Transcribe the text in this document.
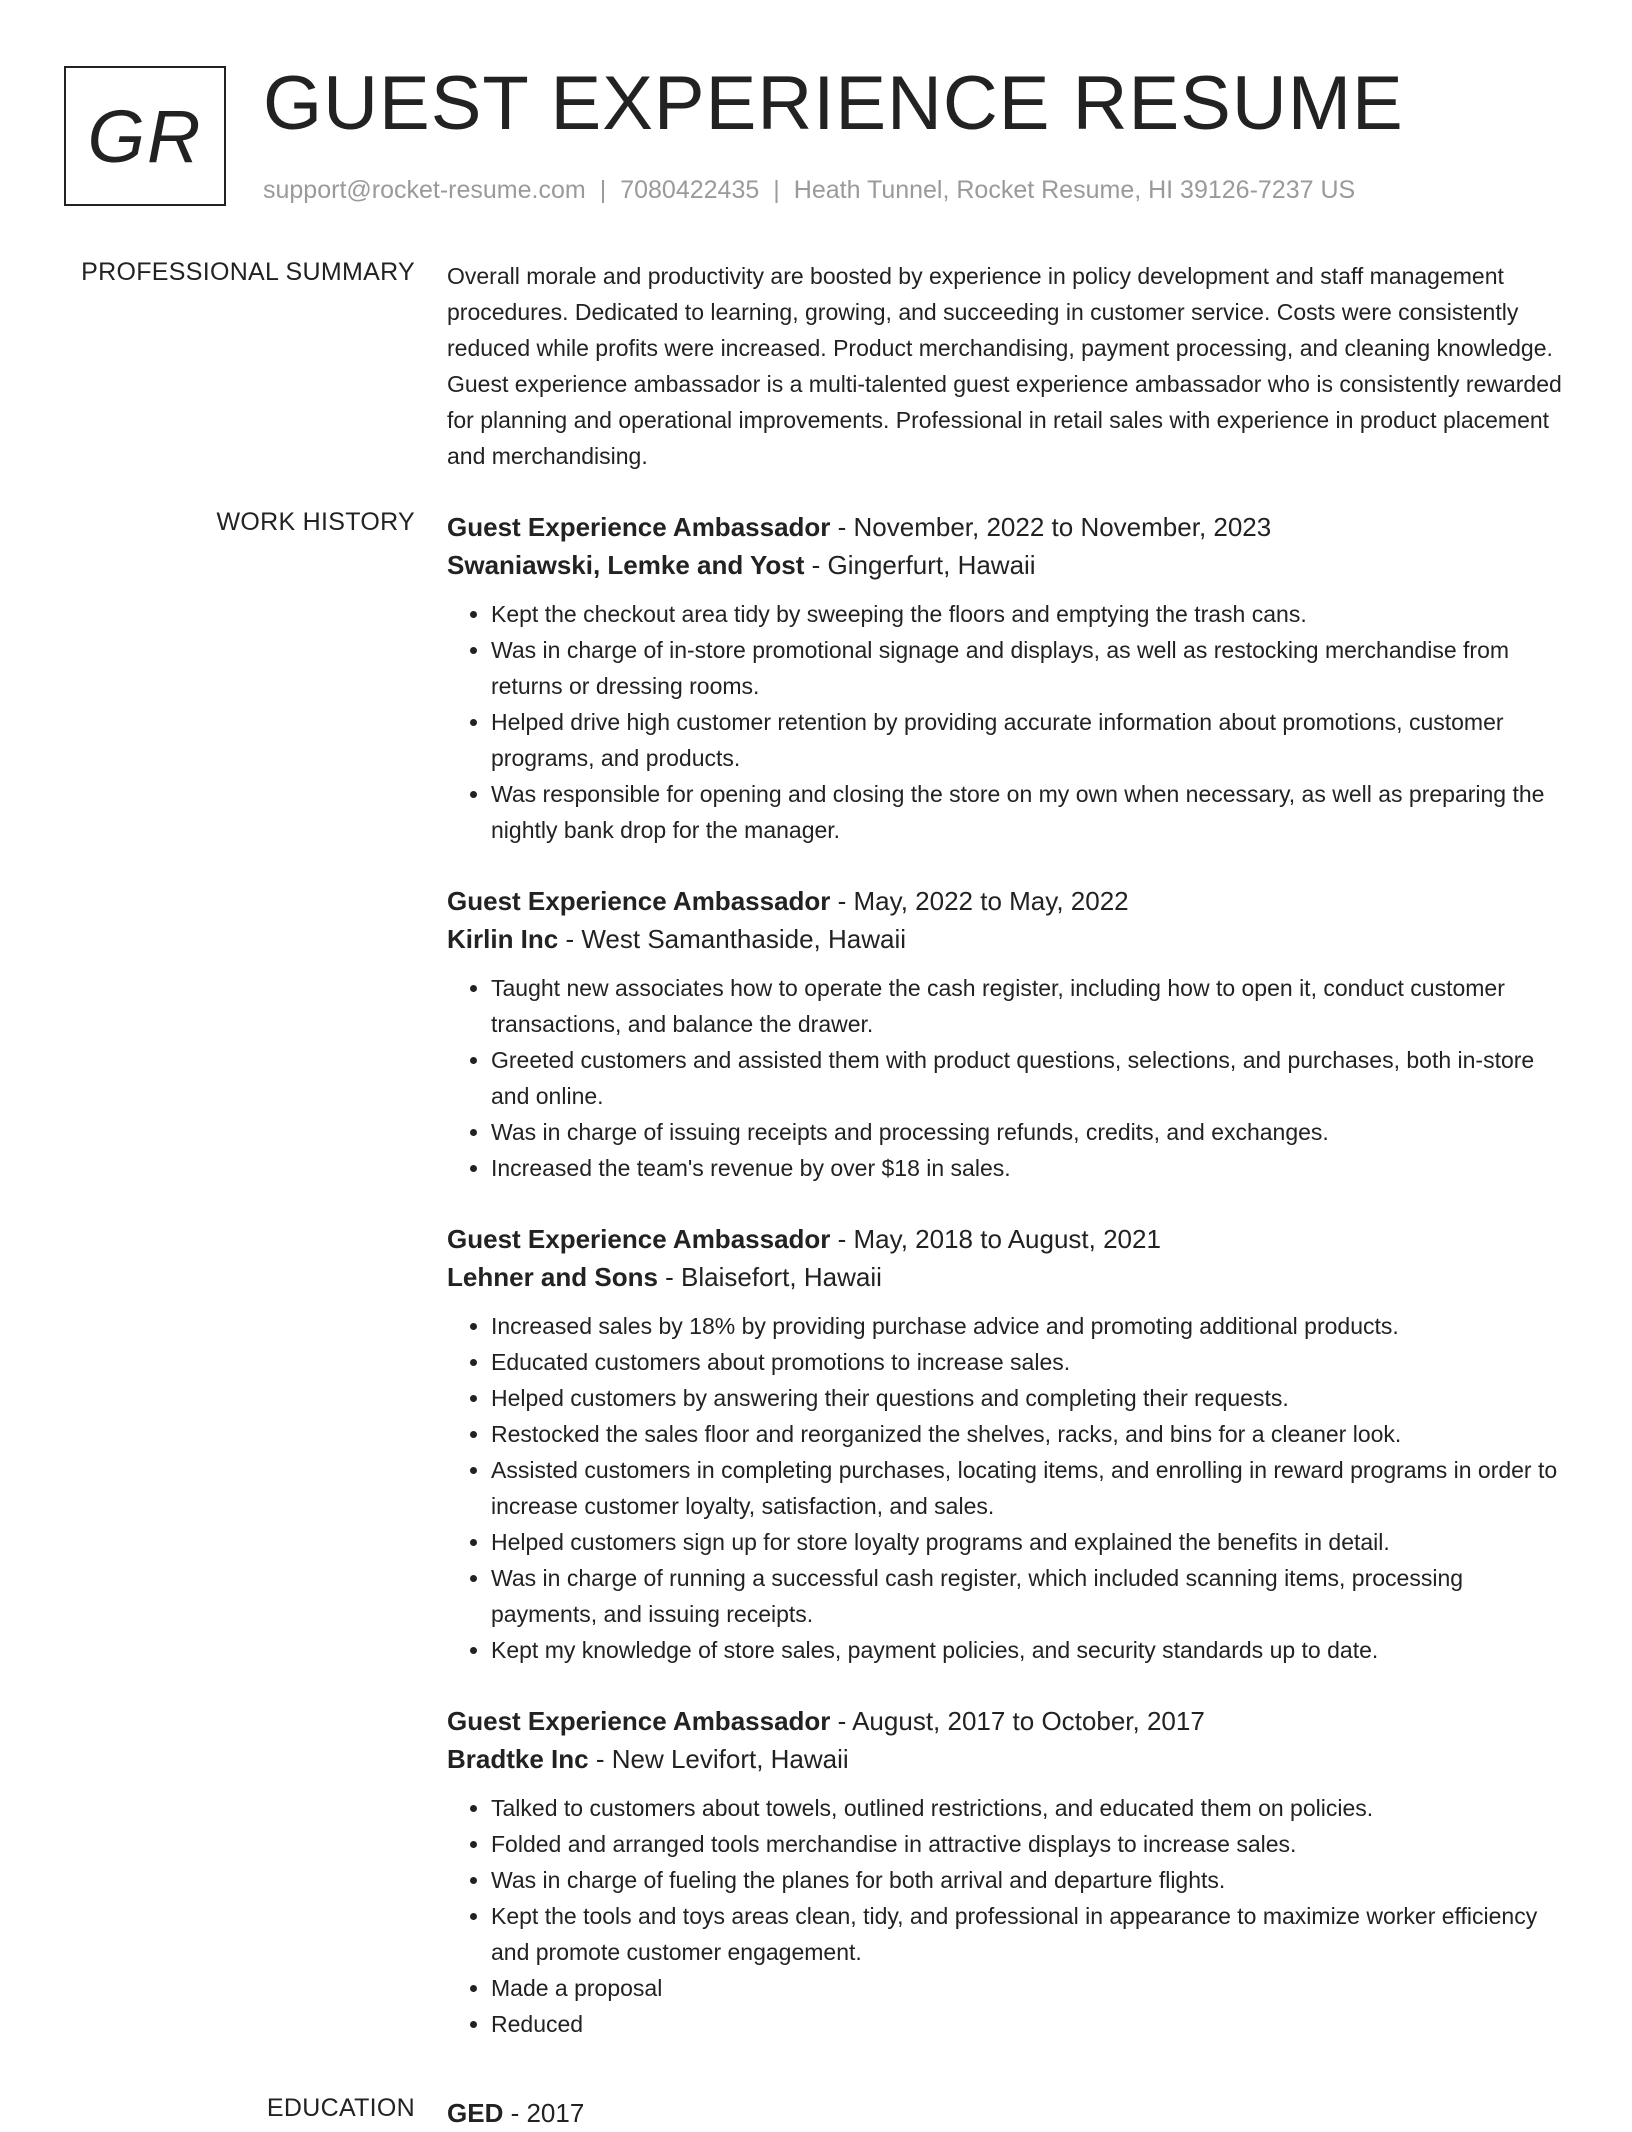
GR GUEST EXPERIENCE RESUME
support@rocket-resume.com | 7080422435 | Heath Tunnel, Rocket Resume, HI 39126-7237 US
PROFESSIONAL SUMMARY Overall morale and productivity are boosted by experience in policy development and staff management procedures. Dedicated to learning, growing, and succeeding in customer service. Costs were consistently reduced while profits were increased. Product merchandising, payment processing, and cleaning knowledge. Guest experience ambassador is a multi-talented guest experience ambassador who is consistently rewarded for planning and operational improvements. Professional in retail sales with experience in product placement and merchandising.
WORK HISTORY Guest Experience Ambassador - November, 2022 to November, 2023
Swaniawski, Lemke and Yost - Gingerfurt, Hawaii
• Kept the checkout area tidy by sweeping the floors and emptying the trash cans.
• Was in charge of in-store promotional signage and displays, as well as restocking merchandise from returns or dressing rooms.
• Helped drive high customer retention by providing accurate information about promotions, customer programs, and products.
• Was responsible for opening and closing the store on my own when necessary, as well as preparing the nightly bank drop for the manager.
Guest Experience Ambassador - May, 2022 to May, 2022
Kirlin Inc - West Samanthaside, Hawaii
• Taught new associates how to operate the cash register, including how to open it, conduct customer transactions, and balance the drawer.
• Greeted customers and assisted them with product questions, selections, and purchases, both in-store and online.
• Was in charge of issuing receipts and processing refunds, credits, and exchanges.
• Increased the team's revenue by over $18 in sales.
Guest Experience Ambassador - May, 2018 to August, 2021
Lehner and Sons - Blaisefort, Hawaii
• Increased sales by 18% by providing purchase advice and promoting additional products.
• Educated customers about promotions to increase sales.
• Helped customers by answering their questions and completing their requests.
• Restocked the sales floor and reorganized the shelves, racks, and bins for a cleaner look.
• Assisted customers in completing purchases, locating items, and enrolling in reward programs in order to increase customer loyalty, satisfaction, and sales.
• Helped customers sign up for store loyalty programs and explained the benefits in detail.
• Was in charge of running a successful cash register, which included scanning items, processing payments, and issuing receipts.
• Kept my knowledge of store sales, payment policies, and security standards up to date.
Guest Experience Ambassador - August, 2017 to October, 2017
Bradtke Inc - New Levifort, Hawaii
• Talked to customers about towels, outlined restrictions, and educated them on policies.
• Folded and arranged tools merchandise in attractive displays to increase sales.
• Was in charge of fueling the planes for both arrival and departure flights.
• Kept the tools and toys areas clean, tidy, and professional in appearance to maximize worker efficiency and promote customer engagement.
• Made a proposal
• Reduced
EDUCATION GED - 2017
